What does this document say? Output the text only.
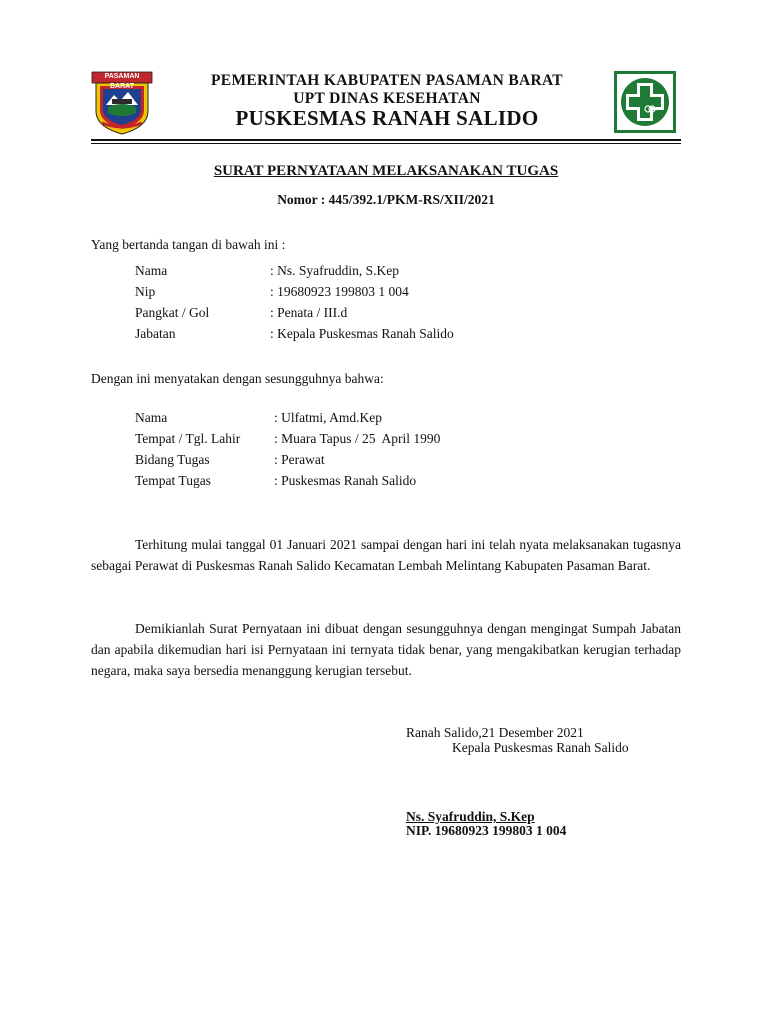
PASAMAN BARAT	PEMERINTAH KABUPATEN PASAMAN BARAT
UPT DINAS KESEHATAN
PUSKESMAS RANAH SALIDO
SURAT PERNYATAAN MELAKSANAKAN TUGAS
Nomor : 445/392.1/PKM-RS/XII/2021
Yang bertanda tangan di bawah ini :
Nama	: Ns. Syafruddin, S.Kep
Nip	: 19680923 199803 1 004
Pangkat / Gol	: Penata / III.d
Jabatan	: Kepala Puskesmas Ranah Salido
Dengan ini menyatakan dengan sesungguhnya bahwa:
Nama	: Ulfatmi, Amd.Kep
Tempat / Tgl. Lahir : Muara Tapus / 25  April 1990
Bidang Tugas	: Perawat
Tempat Tugas	: Puskesmas Ranah Salido
Terhitung mulai tanggal 01 Januari 2021 sampai dengan hari ini telah nyata melaksanakan tugasnya sebagai Perawat di Puskesmas Ranah Salido Kecamatan Lembah Melintang Kabupaten Pasaman Barat.
Demikianlah Surat Pernyataan ini dibuat dengan sesungguhnya dengan mengingat Sumpah Jabatan dan apabila dikemudian hari isi Pernyataan ini ternyata tidak benar, yang mengakibatkan kerugian terhadap negara, maka saya bersedia menanggung kerugian tersebut.
Ranah Salido,21 Desember 2021
Kepala Puskesmas Ranah Salido
Ns. Syafruddin, S.Kep
NIP. 19680923 199803 1 004
